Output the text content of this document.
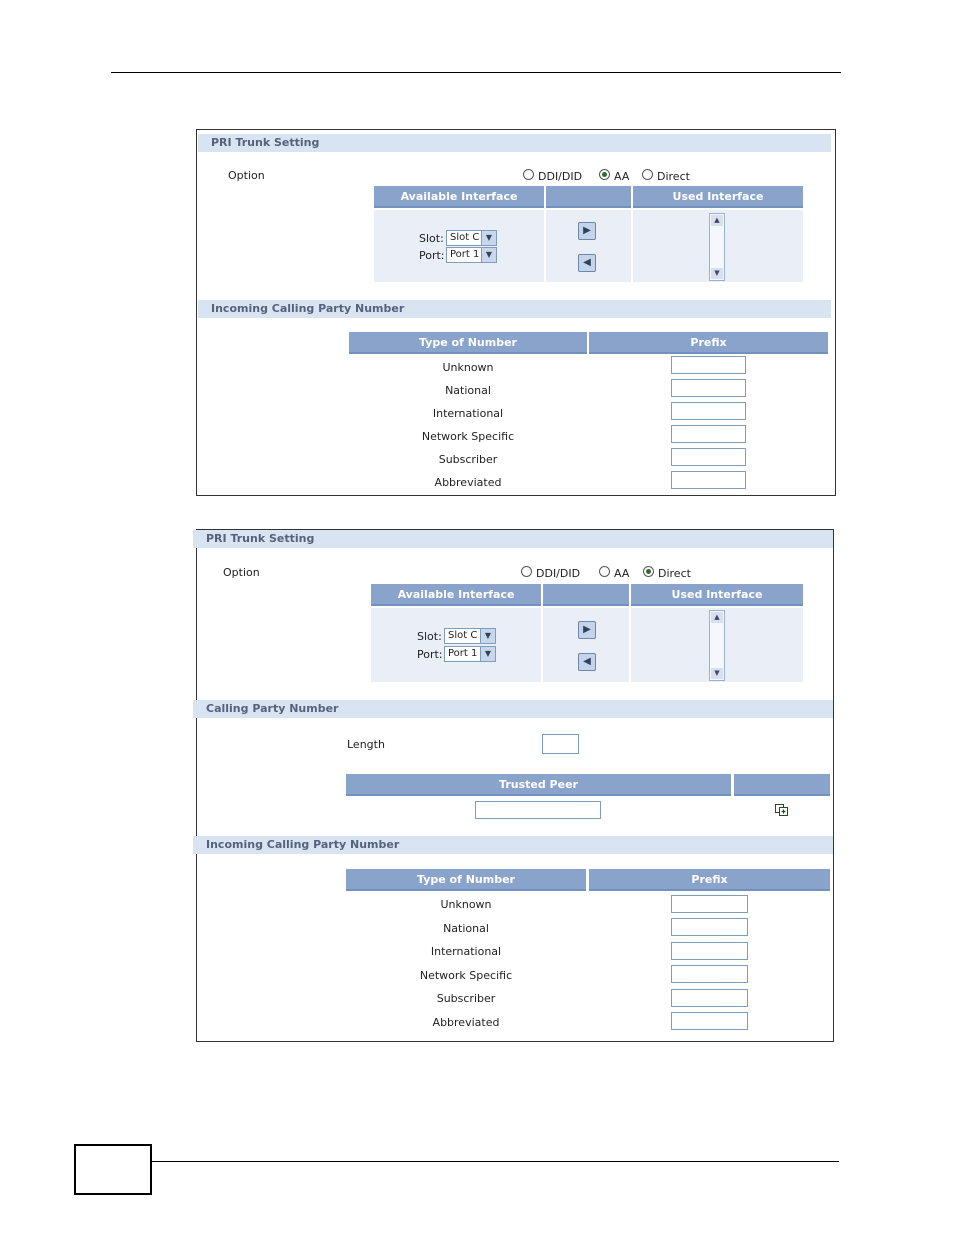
PRI Trunk Setting
Option	DDI/DID	AA	Direct
Available Interface	Used Interface
Slot: Slot C ▼
Port: Port 1 ▼
▶
◀
▲
▼
Incoming Calling Party Number
Type of Number	Prefix
Unknown
National
International
Network Specific
Subscriber
Abbreviated
PRI Trunk Setting
Option	DDI/DID	AA	Direct
Available Interface	Used Interface
Slot: Slot C ▼
Port: Port 1 ▼
▶
◀
▲
▼
Calling Party Number
Length
Trusted Peer
Incoming Calling Party Number
Type of Number	Prefix
Unknown
National
International
Network Specific
Subscriber
Abbreviated
